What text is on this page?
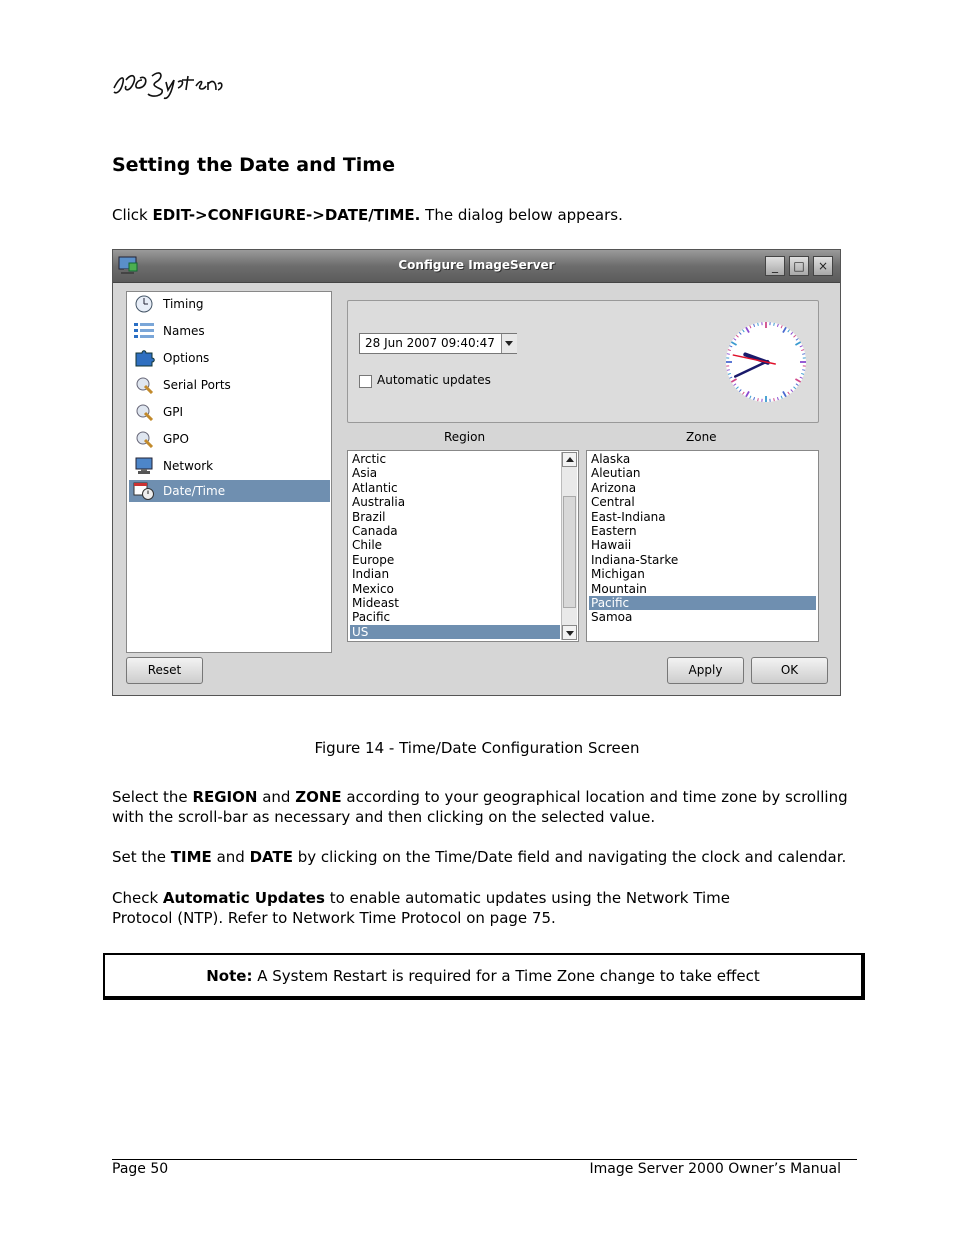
Setting the Date and Time
Click EDIT->CONFIGURE->DATE/TIME. The dialog below appears.
Configure ImageServer	_	□	×
Timing
Names
Options
Serial Ports
GPI
GPO
Network
Date/Time
28 Jun 2007 09:40:47
Automatic updates
Region	Zone
Arctic
Asia
Atlantic
Australia
Brazil
Canada
Chile
Europe
Indian
Mexico
Mideast
Pacific
US
Alaska
Aleutian
Arizona
Central
East-Indiana
Eastern
Hawaii
Indiana-Starke
Michigan
Mountain
Pacific
Samoa
Reset	Apply	OK
Figure 14 - Time/Date Configuration Screen
Select the REGION and ZONE according to your geographical location and time zone by scrolling with the scroll-bar as necessary and then clicking on the selected value.
Set the TIME and DATE by clicking on the Time/Date field and navigating the clock and calendar.
Check Automatic Updates to enable automatic updates using the Network Time Protocol (NTP). Refer to Network Time Protocol on page 75.
Note: A System Restart is required for a Time Zone change to take effect
Page 50	Image Server 2000 Owner’s Manual
